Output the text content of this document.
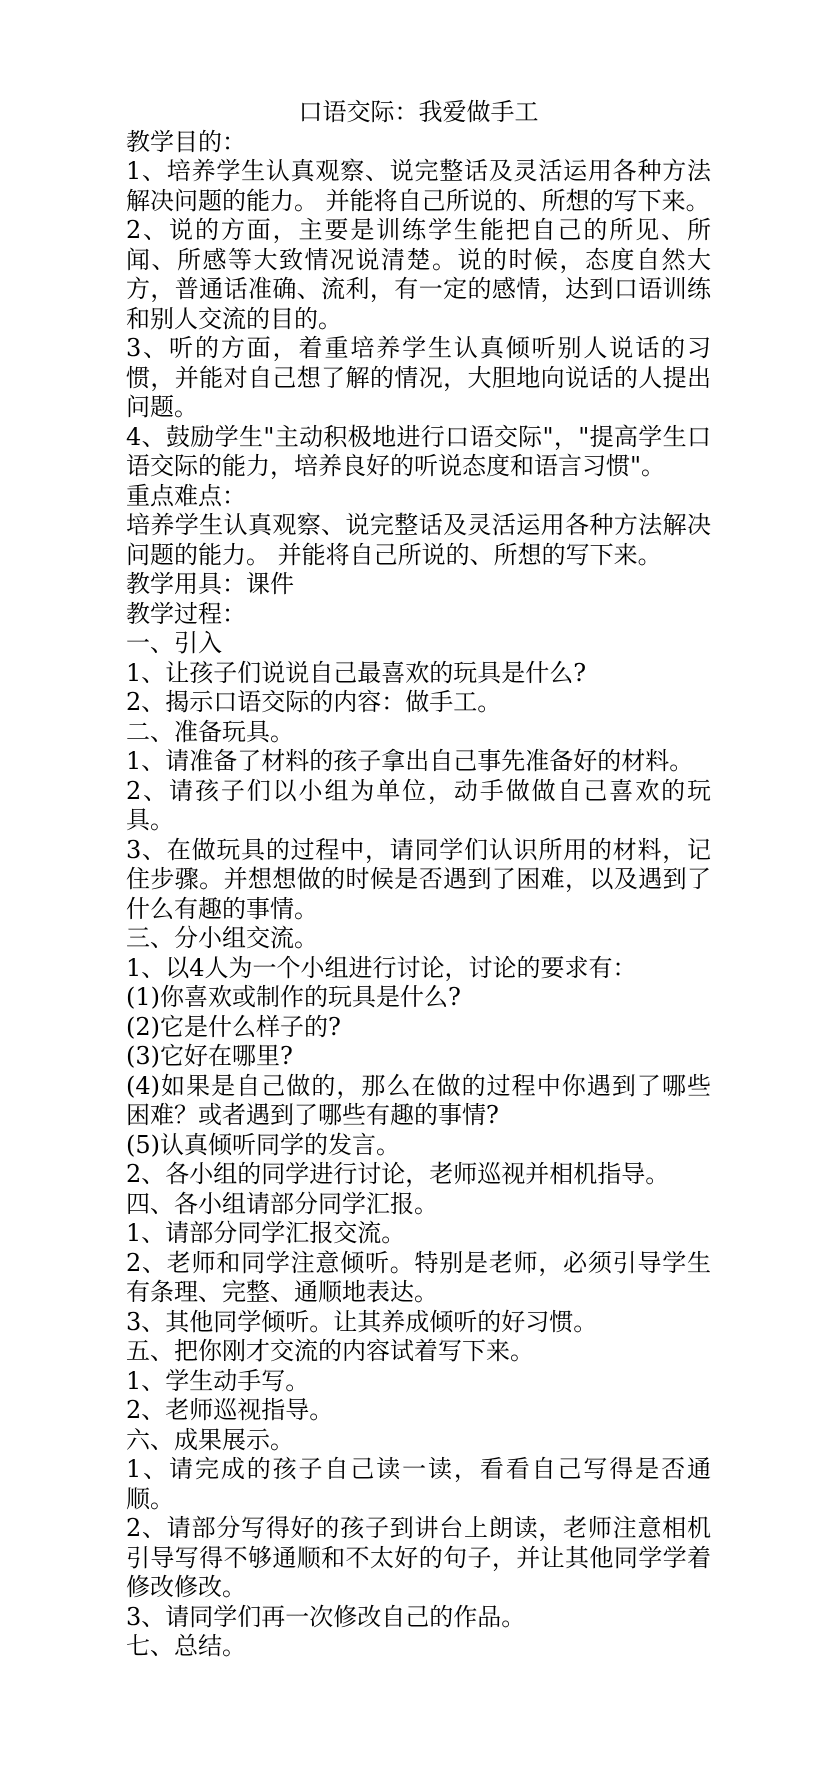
口语交际：我爱做手工

教学目的：

1、培养学生认真观察、说完整话及灵活运用各种方法解决问题的能力。 并能将自己所说的、所想的写下来。

2、说的方面，主要是训练学生能把自己的所见、所闻、所感等大致情况说清楚。说的时候，态度自然大方，普通话准确、流利，有一定的感情，达到口语训练和别人交流的目的。

3、听的方面，着重培养学生认真倾听别人说话的习惯，并能对自己想了解的情况，大胆地向说话的人提出问题。

4、鼓励学生"主动积极地进行口语交际"，"提高学生口语交际的能力，培养良好的听说态度和语言习惯"。

重点难点：

培养学生认真观察、说完整话及灵活运用各种方法解决问题的能力。 并能将自己所说的、所想的写下来。

教学用具：课件

教学过程：

一、引入

1、让孩子们说说自己最喜欢的玩具是什么?

2、揭示口语交际的内容：做手工。

二、准备玩具。

1、请准备了材料的孩子拿出自己事先准备好的材料。

2、请孩子们以小组为单位，动手做做自己喜欢的玩具。

3、在做玩具的过程中，请同学们认识所用的材料，记住步骤。并想想做的时候是否遇到了困难，以及遇到了什么有趣的事情。

三、分小组交流。

1、以4人为一个小组进行讨论，讨论的要求有：

(1)你喜欢或制作的玩具是什么?

(2)它是什么样子的?

(3)它好在哪里?

(4)如果是自己做的，那么在做的过程中你遇到了哪些困难？或者遇到了哪些有趣的事情?

(5)认真倾听同学的发言。

2、各小组的同学进行讨论，老师巡视并相机指导。

四、各小组请部分同学汇报。

1、请部分同学汇报交流。

2、老师和同学注意倾听。特别是老师，必须引导学生有条理、完整、通顺地表达。

3、其他同学倾听。让其养成倾听的好习惯。

五、把你刚才交流的内容试着写下来。

1、学生动手写。

2、老师巡视指导。

六、成果展示。

1、请完成的孩子自己读一读，看看自己写得是否通顺。

2、请部分写得好的孩子到讲台上朗读，老师注意相机引导写得不够通顺和不太好的句子，并让其他同学学着修改修改。

3、请同学们再一次修改自己的作品。

七、总结。
